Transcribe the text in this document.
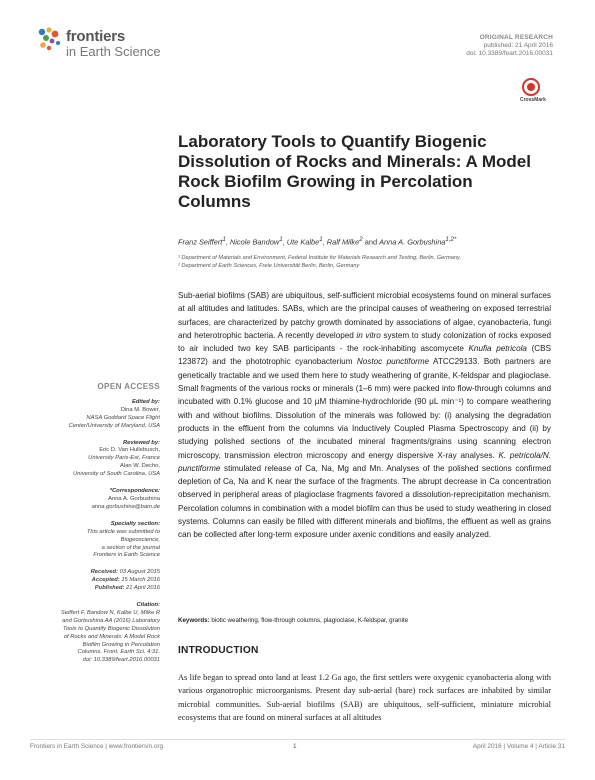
frontiers
in Earth Science
ORIGINAL RESEARCH
published: 21 April 2016
doi: 10.3389/feart.2016.00031
CrossMark
Laboratory Tools to Quantify Biogenic Dissolution of Rocks and Minerals: A Model Rock Biofilm Growing in Percolation Columns
Franz Seiffert$^1$, Nicole Bandow$^1$, Ute Kalbe$^1$, Ralf Milke$^2$ and Anna A. Gorbushina$^{1,2*}$
¹ Department of Materials and Environment, Federal Institute for Materials Research and Testing, Berlin, Germany,
² Department of Earth Sciences, Freie Universität Berlin, Berlin, Germany
Sub-aerial biofilms (SAB) are ubiquitous, self-sufficient microbial ecosystems found on mineral surfaces at all altitudes and latitudes. SABs, which are the principal causes of weathering on exposed terrestrial surfaces, are characterized by patchy growth dominated by associations of algae, cyanobacteria, fungi and heterotrophic bacteria. A recently developed in vitro system to study colonization of rocks exposed to air included two key SAB participants - the rock-inhabiting ascomycete Knufia petricola (CBS 123872) and the phototrophic cyanobacterium Nostoc punctiforme ATCC29133. Both partners are genetically tractable and we used them here to study weathering of granite, K-feldspar and plagioclase. Small fragments of the various rocks or minerals (1–6 mm) were packed into flow-through columns and incubated with 0.1% glucose and 10 μM thiamine-hydrochloride (90 μL min⁻¹) to compare weathering with and without biofilms. Dissolution of the minerals was followed by: (i) analysing the degradation products in the effluent from the columns via Inductively Coupled Plasma Spectroscopy and (ii) by studying polished sections of the incubated mineral fragments/grains using scanning electron microscopy, transmission electron microscopy and energy dispersive X-ray analyses. K. petricola/N. punctiforme stimulated release of Ca, Na, Mg and Mn. Analyses of the polished sections confirmed depletion of Ca, Na and K near the surface of the fragments. The abrupt decrease in Ca concentration observed in peripheral areas of plagioclase fragments favored a dissolution-reprecipitation mechanism. Percolation columns in combination with a model biofilm can thus be used to study weathering in closed systems. Columns can easily be filled with different minerals and biofilms, the effluent as well as grains can be collected after long-term exposure under axenic conditions and easily analyzed.
Keywords: biotic weathering, flow-through columns, plagioclase, K-feldspar, granite
OPEN ACCESS
Edited by:
Dina M. Bower,
NASA Goddard Space Flight
Center/University of Maryland, USA
Reviewed by:
Eric D. Van Hullebusch,
University Paris-Est, France
Alan W. Decho,
University of South Carolina, USA
*Correspondence:
Anna A. Gorbushina
anna.gorbushina@bam.de
Specialty section:
This article was submitted to
Biogeoscience,
a section of the journal
Frontiers in Earth Science
Received: 03 August 2015
Accepted: 15 March 2016
Published: 21 April 2016
Citation:
Seiffert F, Bandow N, Kalbe U, Milke R
and Gorbushina AA (2016) Laboratory
Tools to Quantify Biogenic Dissolution
of Rocks and Minerals: A Model Rock
Biofilm Growing in Percolation
Columns. Front. Earth Sci. 4:31.
doi: 10.3389/feart.2016.00031
INTRODUCTION
As life began to spread onto land at least 1.2 Ga ago, the first settlers were oxygenic cyanobacteria along with various organotrophic microorganisms. Present day sub-aerial (bare) rock surfaces are inhabited by similar microbial communities. Sub-aerial biofilms (SAB) are ubiquitous, self-sufficient, miniature microbial ecosystems that are found on mineral surfaces at all altitudes
Frontiers in Earth Science | www.frontiersin.org	1	April 2016 | Volume 4 | Article 31
